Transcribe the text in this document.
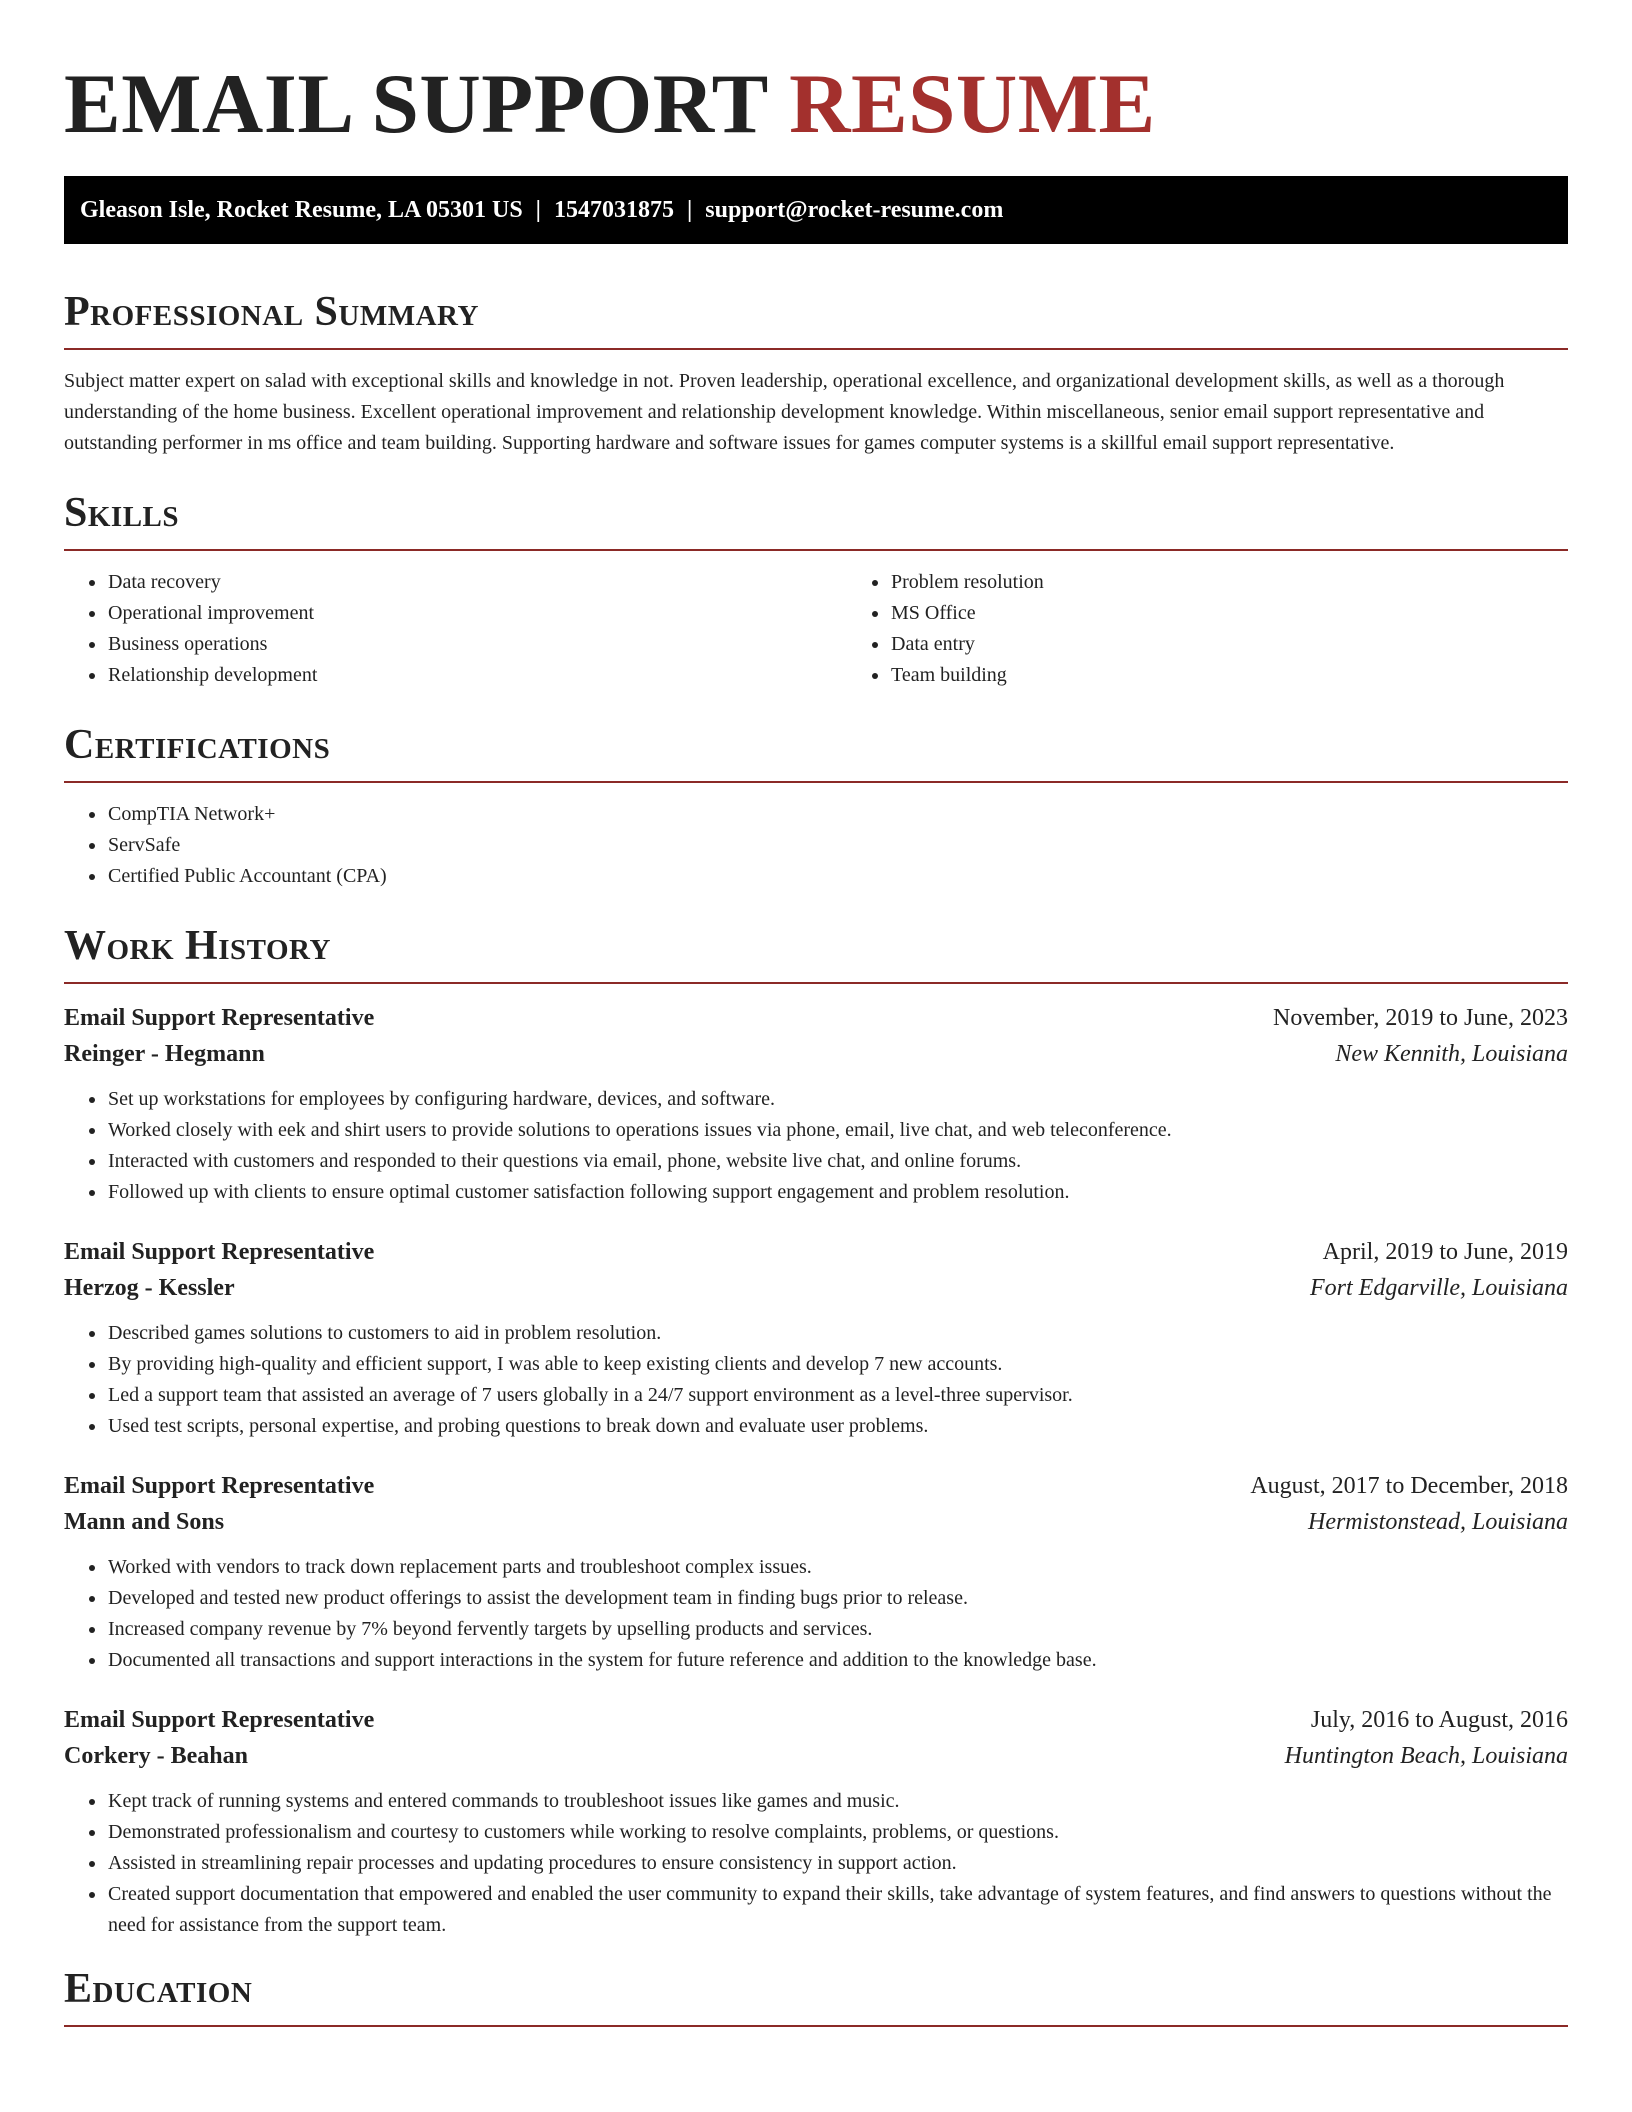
EMAIL SUPPORT RESUME
Gleason Isle, Rocket Resume, LA 05301 US | 1547031875 | support@rocket-resume.com
Professional Summary

Subject matter expert on salad with exceptional skills and knowledge in not. Proven leadership, operational excellence, and organizational development skills, as well as a thorough understanding of the home business. Excellent operational improvement and relationship development knowledge. Within miscellaneous, senior email support representative and outstanding performer in ms office and team building. Supporting hardware and software issues for games computer systems is a skillful email support representative.

Skills
• Data recovery
• Operational improvement
• Business operations
• Relationship development
• Problem resolution
• MS Office
• Data entry
• Team building
Certifications
• CompTIA Network+
• ServSafe
• Certified Public Accountant (CPA)
Work History
Email Support Representative	November, 2019 to June, 2023
Reinger - Hegmann	New Kennith, Louisiana
• Set up workstations for employees by configuring hardware, devices, and software.
• Worked closely with eek and shirt users to provide solutions to operations issues via phone, email, live chat, and web teleconference.
• Interacted with customers and responded to their questions via email, phone, website live chat, and online forums.
• Followed up with clients to ensure optimal customer satisfaction following support engagement and problem resolution.
Email Support Representative	April, 2019 to June, 2019
Herzog - Kessler	Fort Edgarville, Louisiana
• Described games solutions to customers to aid in problem resolution.
• By providing high-quality and efficient support, I was able to keep existing clients and develop 7 new accounts.
• Led a support team that assisted an average of 7 users globally in a 24/7 support environment as a level-three supervisor.
• Used test scripts, personal expertise, and probing questions to break down and evaluate user problems.
Email Support Representative	August, 2017 to December, 2018
Mann and Sons	Hermistonstead, Louisiana
• Worked with vendors to track down replacement parts and troubleshoot complex issues.
• Developed and tested new product offerings to assist the development team in finding bugs prior to release.
• Increased company revenue by 7% beyond fervently targets by upselling products and services.
• Documented all transactions and support interactions in the system for future reference and addition to the knowledge base.
Email Support Representative	July, 2016 to August, 2016
Corkery - Beahan	Huntington Beach, Louisiana
• Kept track of running systems and entered commands to troubleshoot issues like games and music.
• Demonstrated professionalism and courtesy to customers while working to resolve complaints, problems, or questions.
• Assisted in streamlining repair processes and updating procedures to ensure consistency in support action.
• Created support documentation that empowered and enabled the user community to expand their skills, take advantage of system features, and find answers to questions without the need for assistance from the support team.
Education
